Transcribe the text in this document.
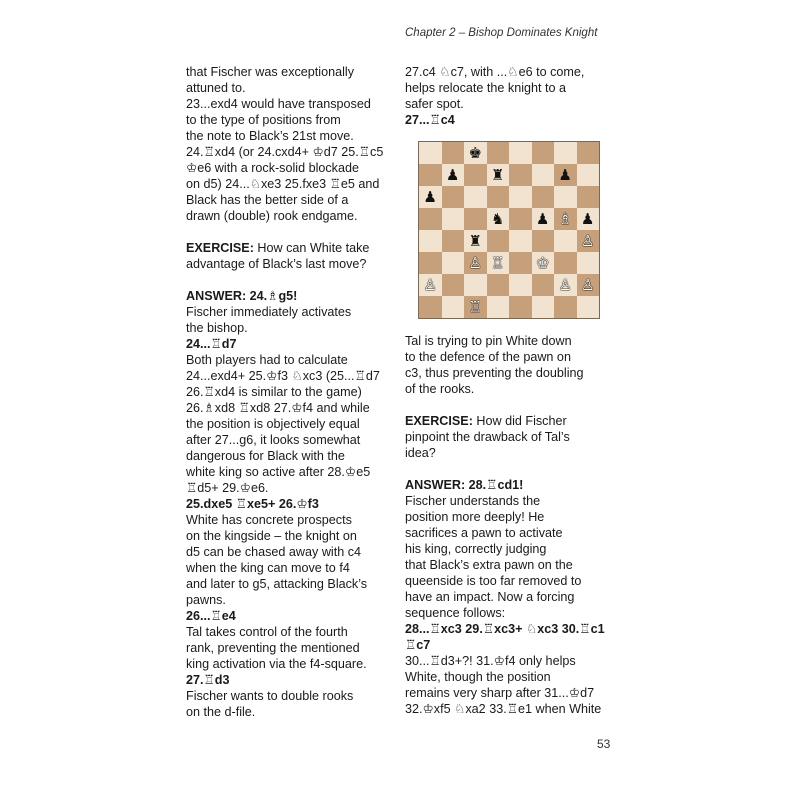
Chapter 2 – Bishop Dominates Knight
that Fischer was exceptionally
attuned to.
23...exd4 would have transposed
to the type of positions from
the note to Black’s 21st move.
24.♖xd4 (or 24.cxd4+ ♔d7 25.♖c5
♔e6 with a rock-solid blockade
on d5) 24...♘xe3 25.fxe3 ♖e5 and
Black has the better side of a
drawn (double) rook endgame.
EXERCISE: How can White take
advantage of Black’s last move?
ANSWER: 24.♗g5!
Fischer immediately activates
the bishop.
24...♖d7
Both players had to calculate
24...exd4+ 25.♔f3 ♘xc3 (25...♖d7
26.♖xd4 is similar to the game)
26.♗xd8 ♖xd8 27.♔f4 and while
the position is objectively equal
after 27...g6, it looks somewhat
dangerous for Black with the
white king so active after 28.♔e5
♖d5+ 29.♔e6.
25.dxe5 ♖xe5+ 26.♔f3
White has concrete prospects
on the kingside – the knight on
d5 can be chased away with c4
when the king can move to f4
and later to g5, attacking Black’s
pawns.
26...♖e4
Tal takes control of the fourth
rank, preventing the mentioned
king activation via the f4-square.
27.♖d3
Fischer wants to double rooks
on the d-file.
27.c4 ♘c7, with ...♘e6 to come,
helps relocate the knight to a
safer spot.
27...♖c4
♚
♟ ♜	♟
♟
♞ ♟ ♗ ♟
♜	♙
♙ ♖ ♔
♙	♙ ♙
♖
Tal is trying to pin White down
to the defence of the pawn on
c3, thus preventing the doubling
of the rooks.
EXERCISE: How did Fischer
pinpoint the drawback of Tal’s
idea?
ANSWER: 28.♖cd1!
Fischer understands the
position more deeply! He
sacrifices a pawn to activate
his king, correctly judging
that Black’s extra pawn on the
queenside is too far removed to
have an impact. Now a forcing
sequence follows:
28...♖xc3 29.♖xc3+ ♘xc3 30.♖c1
♖c7
30...♖d3+?! 31.♔f4 only helps
White, though the position
remains very sharp after 31...♔d7
32.♔xf5 ♘xa2 33.♖e1 when White
53
